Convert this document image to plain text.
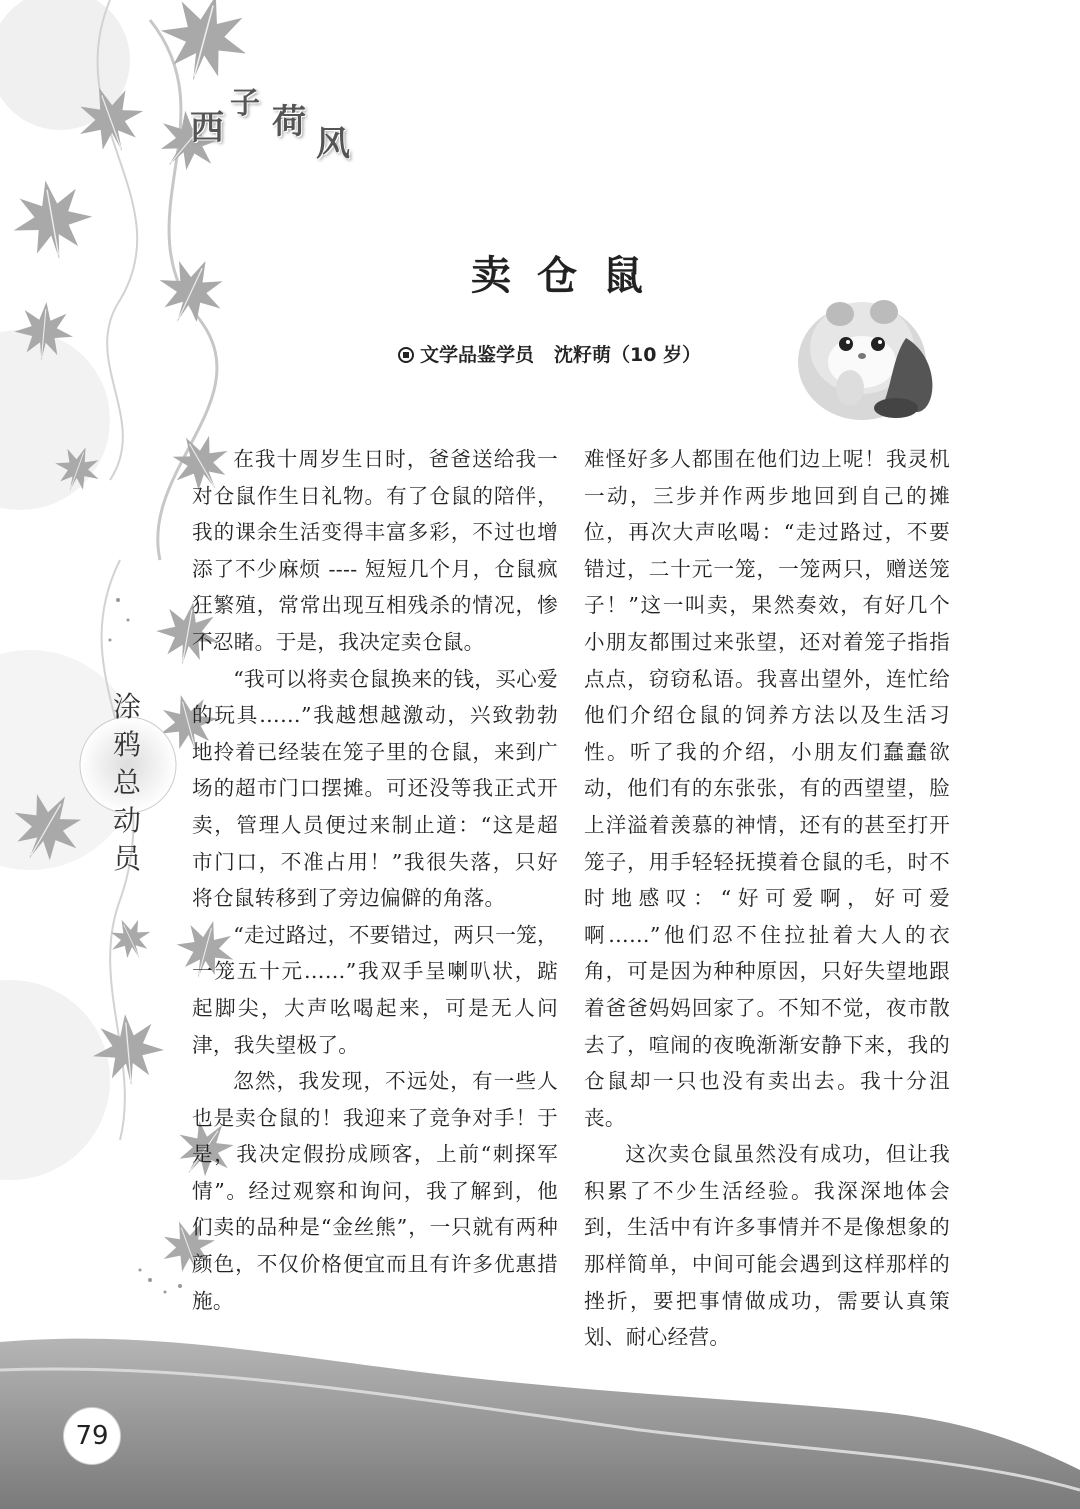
西
子 荷
风
卖仓鼠
文学品鉴学员 沈籽萌（10 岁）
涂
鸦
总
动
员

在我十周岁生日时，爸爸送给我一对仓鼠作生日礼物。有了仓鼠的陪伴，我的课余生活变得丰富多彩，不过也增添了不少麻烦 ---- 短短几个月，仓鼠疯狂繁殖，常常出现互相残杀的情况，惨不忍睹。于是，我决定卖仓鼠。

“我可以将卖仓鼠换来的钱，买心爱的玩具……”我越想越激动，兴致勃勃地拎着已经装在笼子里的仓鼠，来到广场的超市门口摆摊。可还没等我正式开卖，管理人员便过来制止道：“这是超市门口，不准占用！”我很失落，只好将仓鼠转移到了旁边偏僻的角落。

“走过路过，不要错过，两只一笼，一笼五十元……”我双手呈喇叭状，踮起脚尖，大声吆喝起来，可是无人问津，我失望极了。

忽然，我发现，不远处，有一些人也是卖仓鼠的！我迎来了竞争对手！于是，我决定假扮成顾客，上前“刺探军情”。经过观察和询问，我了解到，他们卖的品种是“金丝熊”，一只就有两种颜色，不仅价格便宜而且有许多优惠措施。

难怪好多人都围在他们边上呢！我灵机一动，三步并作两步地回到自己的摊位，再次大声吆喝：“走过路过，不要错过，二十元一笼，一笼两只，赠送笼子！”这一叫卖，果然奏效，有好几个小朋友都围过来张望，还对着笼子指指点点，窃窃私语。我喜出望外，连忙给他们介绍仓鼠的饲养方法以及生活习性。听了我的介绍，小朋友们蠢蠢欲动，他们有的东张张，有的西望望，脸上洋溢着羡慕的神情，还有的甚至打开笼子，用手轻轻抚摸着仓鼠的毛，时不时地感叹：“好可爱啊，好可爱啊……”他们忍不住拉扯着大人的衣角，可是因为种种原因，只好失望地跟着爸爸妈妈回家了。不知不觉，夜市散去了，喧闹的夜晚渐渐安静下来，我的仓鼠却一只也没有卖出去。我十分沮丧。

这次卖仓鼠虽然没有成功，但让我积累了不少生活经验。我深深地体会到，生活中有许多事情并不是像想象的那样简单，中间可能会遇到这样那样的挫折，要把事情做成功，需要认真策划、耐心经营。

79
